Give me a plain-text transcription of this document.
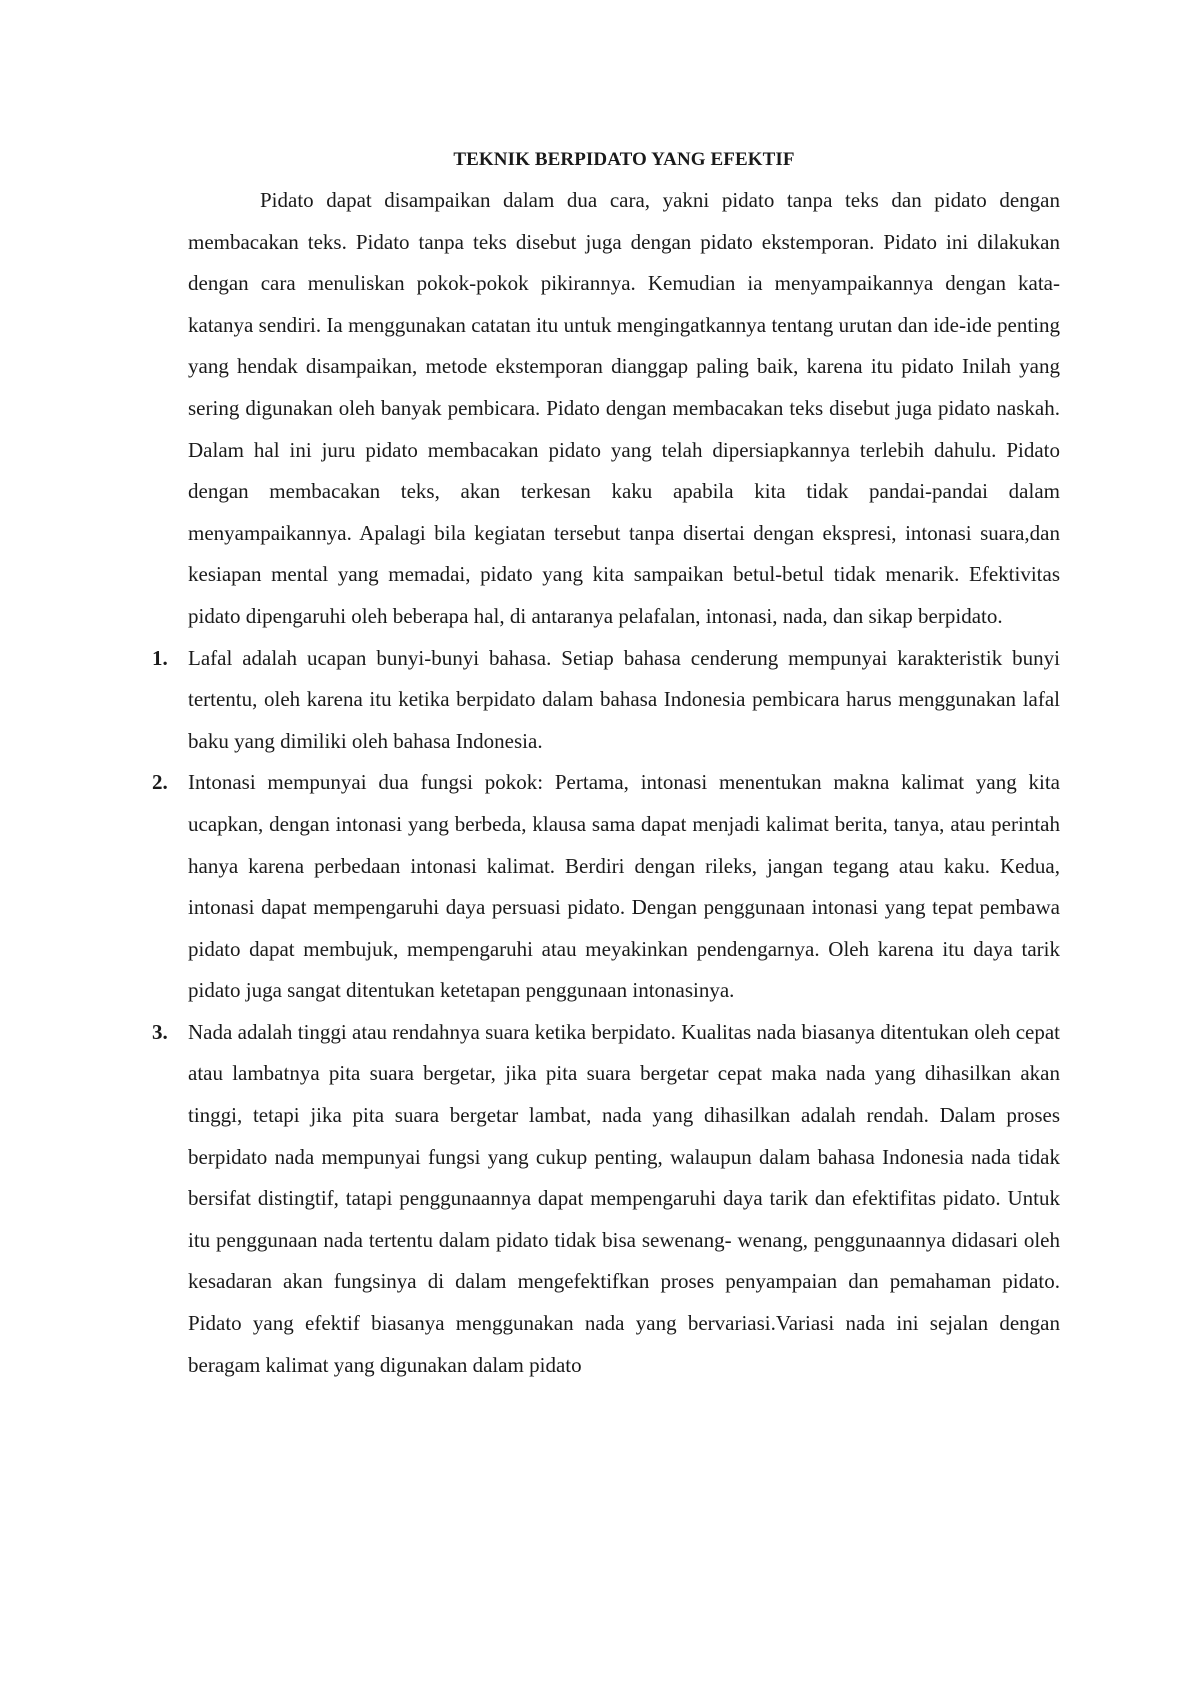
TEKNIK BERPIDATO YANG EFEKTIF

Pidato dapat disampaikan dalam dua cara, yakni pidato tanpa teks dan pidato dengan membacakan teks. Pidato tanpa teks disebut juga dengan pidato ekstemporan. Pidato ini dilakukan dengan cara menuliskan pokok-pokok pikirannya. Kemudian ia menyampaikannya dengan kata-katanya sendiri. Ia menggunakan catatan itu untuk mengingatkannya tentang urutan dan ide-ide penting yang hendak disampaikan, metode ekstemporan dianggap paling baik, karena itu pidato Inilah yang sering digunakan oleh banyak pembicara. Pidato dengan membacakan teks disebut juga pidato naskah. Dalam hal ini juru pidato membacakan pidato yang telah dipersiapkannya terlebih dahulu. Pidato dengan membacakan teks, akan terkesan kaku apabila kita tidak pandai-pandai dalam menyampaikannya. Apalagi bila kegiatan tersebut tanpa disertai dengan ekspresi, intonasi suara,dan kesiapan mental yang memadai, pidato yang kita sampaikan betul-betul tidak menarik. Efektivitas pidato dipengaruhi oleh beberapa hal, di antaranya pelafalan, intonasi, nada, dan sikap berpidato.

1. Lafal adalah ucapan bunyi-bunyi bahasa. Setiap bahasa cenderung mempunyai karakteristik bunyi tertentu, oleh karena itu ketika berpidato dalam bahasa Indonesia pembicara harus menggunakan lafal baku yang dimiliki oleh bahasa Indonesia.
2. Intonasi mempunyai dua fungsi pokok: Pertama, intonasi menentukan makna kalimat yang kita ucapkan, dengan intonasi yang berbeda, klausa sama dapat menjadi kalimat berita, tanya, atau perintah hanya karena perbedaan intonasi kalimat. Berdiri dengan rileks, jangan tegang atau kaku. Kedua, intonasi dapat mempengaruhi daya persuasi pidato. Dengan penggunaan intonasi yang tepat pembawa pidato dapat membujuk, mempengaruhi atau meyakinkan pendengarnya. Oleh karena itu daya tarik pidato juga sangat ditentukan ketetapan penggunaan intonasinya.
3. Nada adalah tinggi atau rendahnya suara ketika berpidato. Kualitas nada biasanya ditentukan oleh cepat atau lambatnya pita suara bergetar, jika pita suara bergetar cepat maka nada yang dihasilkan akan tinggi, tetapi jika pita suara bergetar lambat, nada yang dihasilkan adalah rendah. Dalam proses berpidato nada mempunyai fungsi yang cukup penting, walaupun dalam bahasa Indonesia nada tidak bersifat distingtif, tatapi penggunaannya dapat mempengaruhi daya tarik dan efektifitas pidato. Untuk itu penggunaan nada tertentu dalam pidato tidak bisa sewenang- wenang, penggunaannya didasari oleh kesadaran akan fungsinya di dalam mengefektifkan proses penyampaian dan pemahaman pidato. Pidato yang efektif biasanya menggunakan nada yang bervariasi.Variasi nada ini sejalan dengan beragam kalimat yang digunakan dalam pidato
